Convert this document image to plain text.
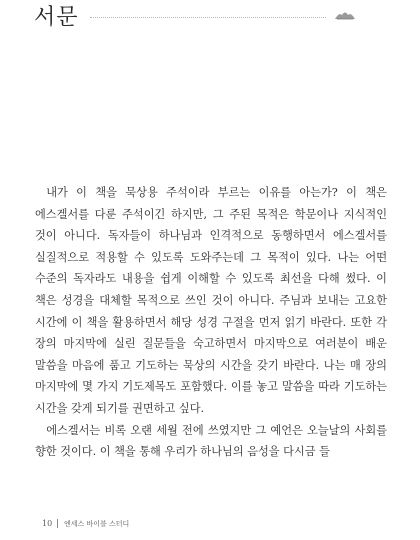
서문

내가 이 책을 묵상용 주석이라 부르는 이유를 아는가? 이 책은 에스겔서를 다룬 주석이긴 하지만, 그 주된 목적은 학문이나 지식적인 것이 아니다. 독자들이 하나님과 인격적으로 동행하면서 에스겔서를 실질적으로 적용할 수 있도록 도와주는데 그 목적이 있다. 나는 어떤 수준의 독자라도 내용을 쉽게 이해할 수 있도록 최선을 다해 썼다. 이 책은 성경을 대체할 목적으로 쓰인 것이 아니다. 주님과 보내는 고요한 시간에 이 책을 활용하면서 해당 성경 구절을 먼저 읽기 바란다. 또한 각 장의 마지막에 실린 질문들을 숙고하면서 마지막으로 여러분이 배운 말씀을 마음에 품고 기도하는 묵상의 시간을 갖기 바란다. 나는 매 장의 마지막에 몇 가지 기도제목도 포함했다. 이를 놓고 말씀을 따라 기도하는 시간을 갖게 되기를 권면하고 싶다.

에스겔서는 비록 오랜 세월 전에 쓰였지만 그 예언은 오늘날의 사회를 향한 것이다. 이 책을 통해 우리가 하나님의 음성을 다시금 들

10 엔세스 바이블 스터디
